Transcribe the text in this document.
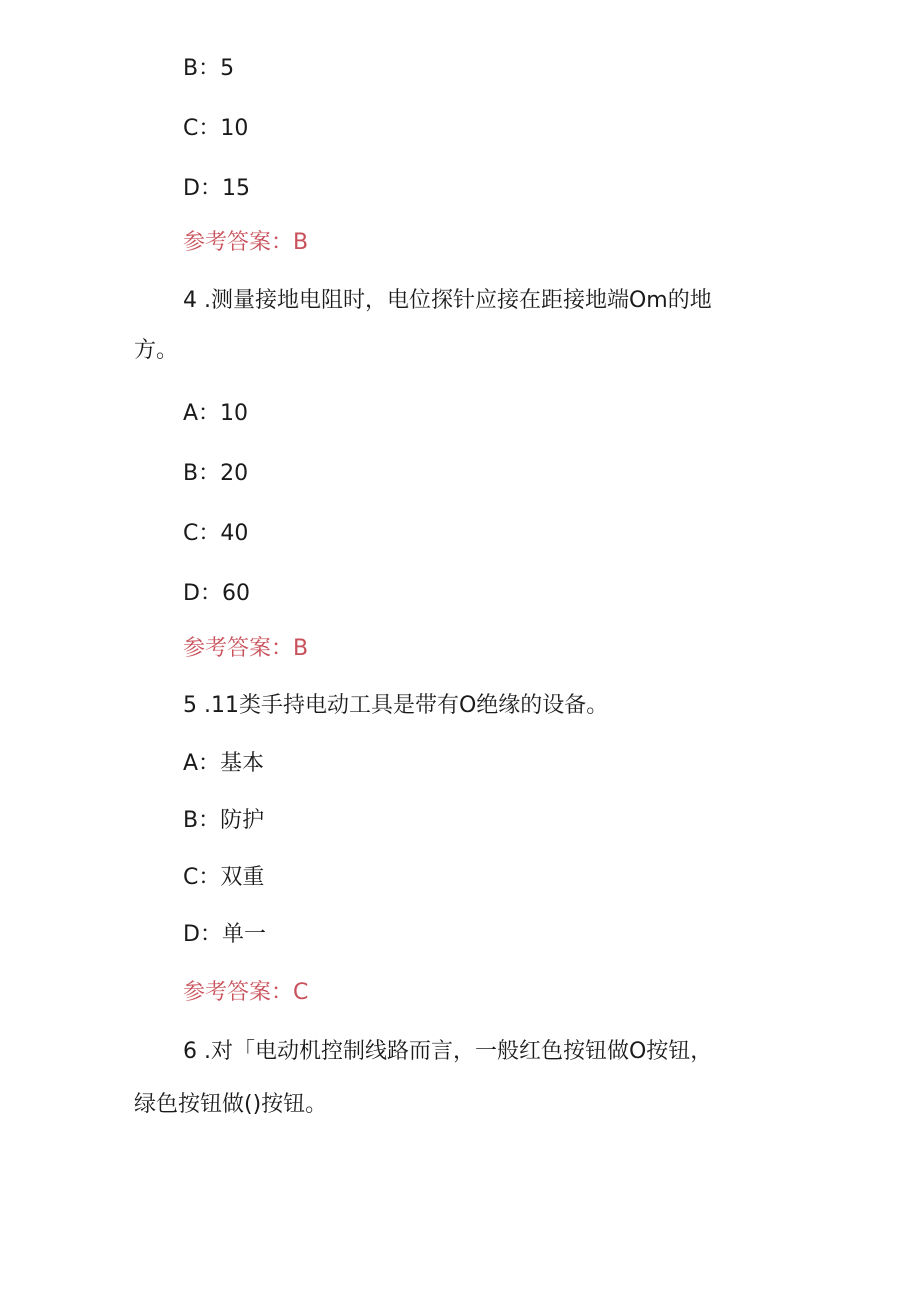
B：5
C：10
D：15
参考答案：B
4 .测量接地电阻时，电位探针应接在距接地端Om的地
方。
A：10
B：20
C：40
D：60
参考答案：B
5 .11类手持电动工具是带有O绝缘的设备。
A：基本
B：防护
C：双重
D：单一
参考答案：C
6 .对「电动机控制线路而言，一般红色按钮做O按钮，
绿色按钮做()按钮。
